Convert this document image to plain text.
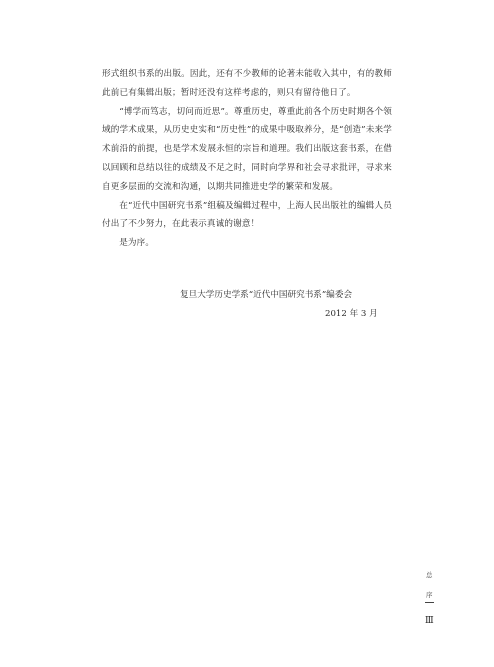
形式组织书系的出版。因此，还有不少教师的论著未能收入其中，有的教师此前已有集辑出版；暂时还没有这样考虑的，则只有留待他日了。

“博学而笃志，切问而近思”。尊重历史，尊重此前各个历史时期各个领域的学术成果，从历史史实和“历史性”的成果中吸取养分，是“创造”未来学术前沿的前提，也是学术发展永恒的宗旨和道理。我们出版这套书系，在借以回顾和总结以往的成绩及不足之时，同时向学界和社会寻求批评，寻求来自更多层面的交流和沟通，以期共同推进史学的繁荣和发展。

在“近代中国研究书系”组稿及编辑过程中，上海人民出版社的编辑人员付出了不少努力，在此表示真诚的谢意！

是为序。

复旦大学历史学系“近代中国研究书系”编委会
2012 年 3 月
总
序
Ⅲ
